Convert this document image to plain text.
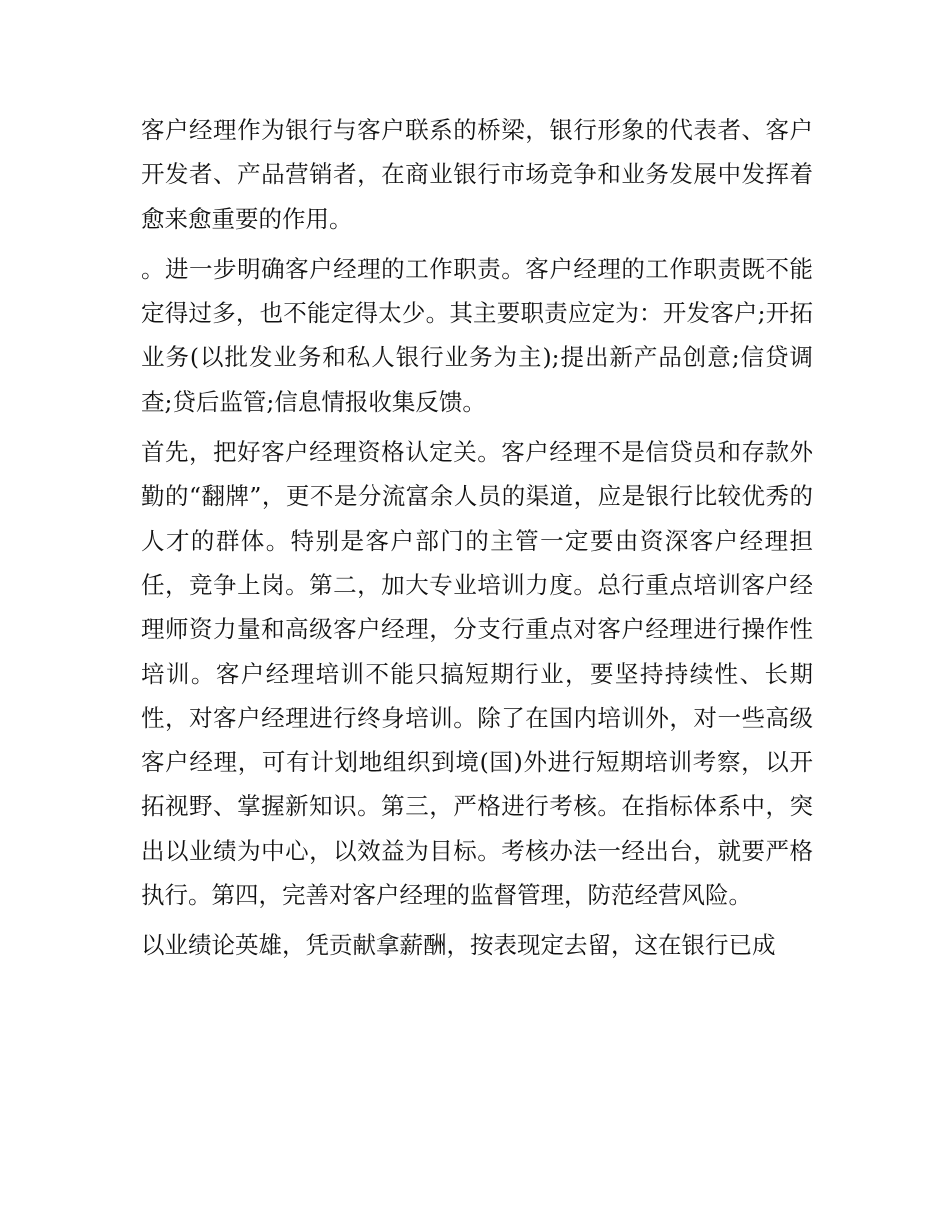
客户经理作为银行与客户联系的桥梁，银行形象的代表者、客户开发者、产品营销者，在商业银行市场竞争和业务发展中发挥着愈来愈重要的作用。

。进一步明确客户经理的工作职责。客户经理的工作职责既不能定得过多，也不能定得太少。其主要职责应定为：开发客户;开拓业务(以批发业务和私人银行业务为主);提出新产品创意;信贷调查;贷后监管;信息情报收集反馈。

首先，把好客户经理资格认定关。客户经理不是信贷员和存款外勤的“翻牌”，更不是分流富余人员的渠道，应是银行比较优秀的人才的群体。特别是客户部门的主管一定要由资深客户经理担任，竞争上岗。第二，加大专业培训力度。总行重点培训客户经理师资力量和高级客户经理，分支行重点对客户经理进行操作性培训。客户经理培训不能只搞短期行业，要坚持持续性、长期性，对客户经理进行终身培训。除了在国内培训外，对一些高级客户经理，可有计划地组织到境(国)外进行短期培训考察，以开拓视野、掌握新知识。第三，严格进行考核。在指标体系中，突出以业绩为中心，以效益为目标。考核办法一经出台，就要严格执行。第四，完善对客户经理的监督管理，防范经营风险。

以业绩论英雄，凭贡献拿薪酬，按表现定去留，这在银行已成
